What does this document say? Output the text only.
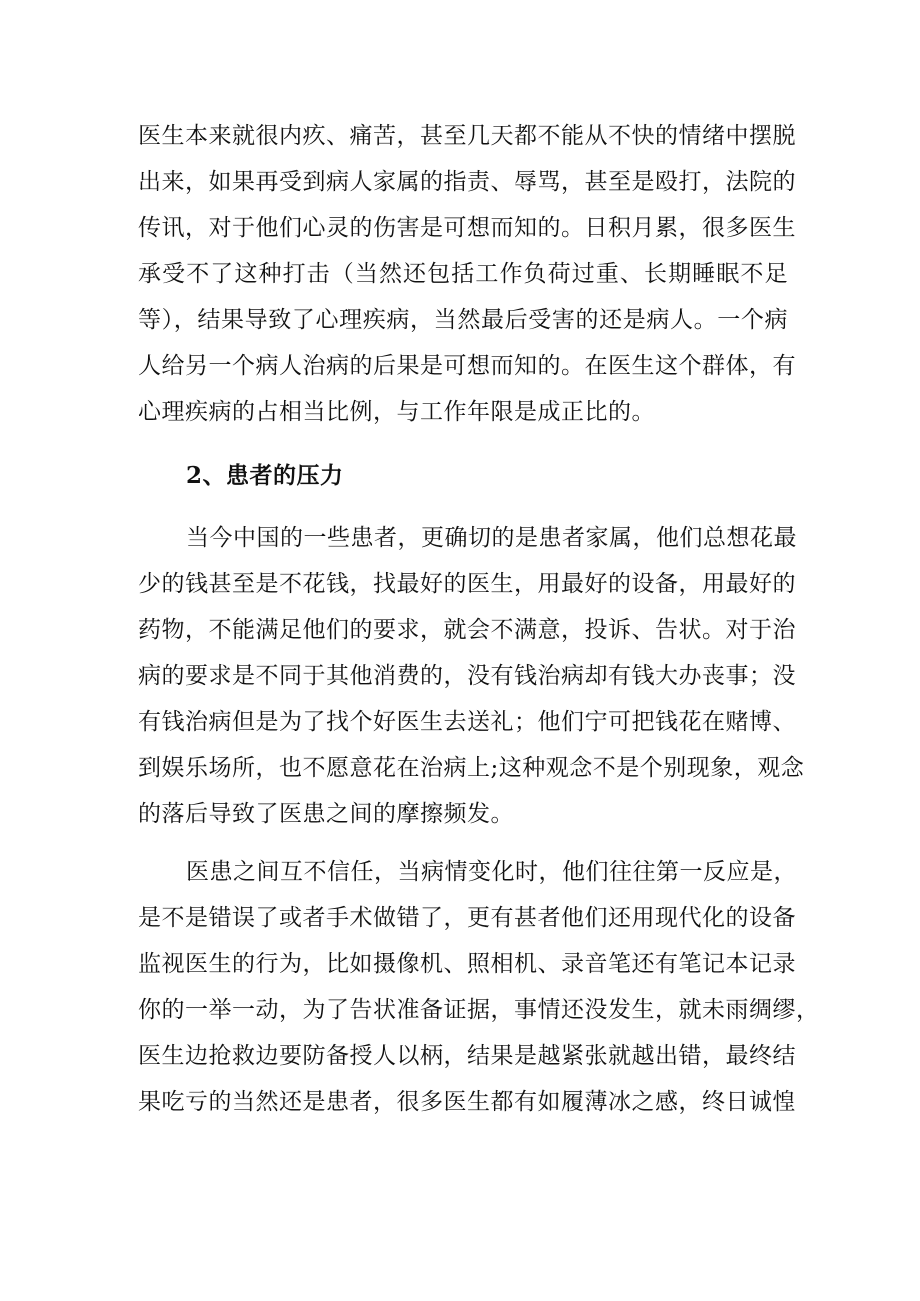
医生本来就很内疚、痛苦，甚至几天都不能从不快的情绪中摆脱
出来，如果再受到病人家属的指责、辱骂，甚至是殴打，法院的
传讯，对于他们心灵的伤害是可想而知的。日积月累，很多医生
承受不了这种打击（当然还包括工作负荷过重、长期睡眠不足
等），结果导致了心理疾病，当然最后受害的还是病人。一个病
人给另一个病人治病的后果是可想而知的。在医生这个群体，有
心理疾病的占相当比例，与工作年限是成正比的。
2、患者的压力
当今中国的一些患者，更确切的是患者家属，他们总想花最
少的钱甚至是不花钱，找最好的医生，用最好的设备，用最好的
药物，不能满足他们的要求，就会不满意，投诉、告状。对于治
病的要求是不同于其他消费的，没有钱治病却有钱大办丧事；没
有钱治病但是为了找个好医生去送礼；他们宁可把钱花在赌博、
到娱乐场所，也不愿意花在治病上;这种观念不是个别现象，观念
的落后导致了医患之间的摩擦频发。
医患之间互不信任，当病情变化时，他们往往第一反应是，
是不是错误了或者手术做错了，更有甚者他们还用现代化的设备
监视医生的行为，比如摄像机、照相机、录音笔还有笔记本记录
你的一举一动，为了告状准备证据，事情还没发生，就未雨绸缪，
医生边抢救边要防备授人以柄，结果是越紧张就越出错，最终结
果吃亏的当然还是患者，很多医生都有如履薄冰之感，终日诚惶
